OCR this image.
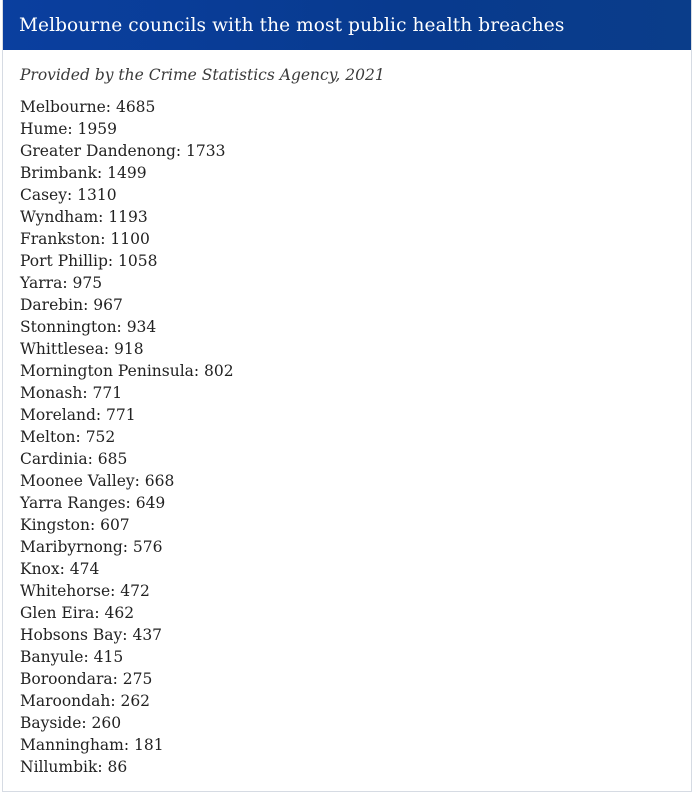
Melbourne councils with the most public health breaches
Provided by the Crime Statistics Agency, 2021
Melbourne: 4685
Hume: 1959
Greater Dandenong: 1733
Brimbank: 1499
Casey: 1310
Wyndham: 1193
Frankston: 1100
Port Phillip: 1058
Yarra: 975
Darebin: 967
Stonnington: 934
Whittlesea: 918
Mornington Peninsula: 802
Monash: 771
Moreland: 771
Melton: 752
Cardinia: 685
Moonee Valley: 668
Yarra Ranges: 649
Kingston: 607
Maribyrnong: 576
Knox: 474
Whitehorse: 472
Glen Eira: 462
Hobsons Bay: 437
Banyule: 415
Boroondara: 275
Maroondah: 262
Bayside: 260
Manningham: 181
Nillumbik: 86
